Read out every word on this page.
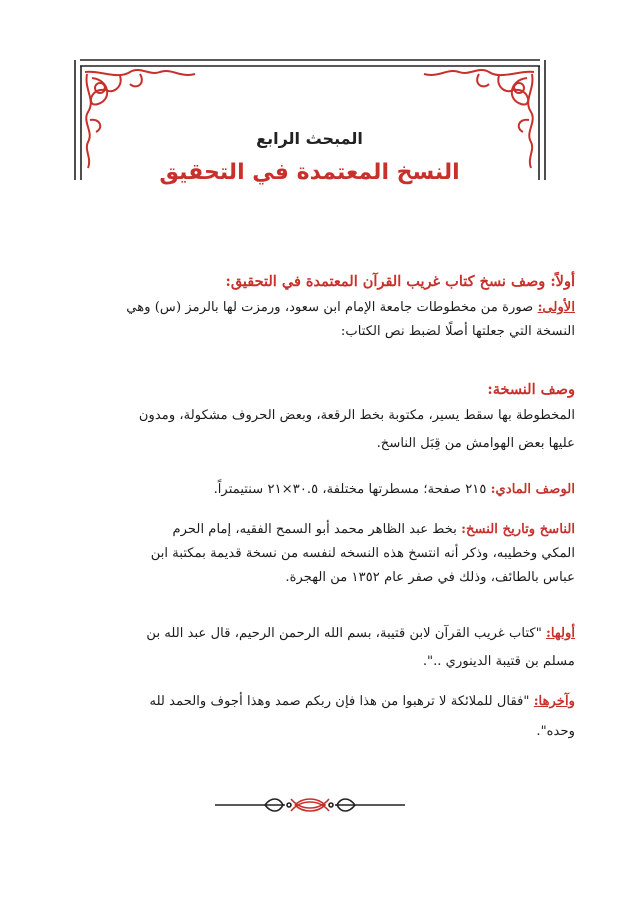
المبحث الرابع
النسخ المعتمدة في التحقيق
أولاً: وصف نسخ كتاب غريب القرآن المعتمدة في التحقيق:
الأولى: صورة من مخطوطات جامعة الإمام ابن سعود، ورمزت لها بالرمز (س) وهي
النسخة التي جعلتها أصلًا لضبط نص الكتاب:
وصف النسخة:
المخطوطة بها سقط يسير، مكتوبة بخط الرقعة، وبعض الحروف مشكولة، ومدون
عليها بعض الهوامش من قِبَل الناسخ.
الوصف المادي: ٢١٥ صفحة؛ مسطرتها مختلفة، ٣٠.٥×٢١ سنتيمتراً.
الناسخ وتاريخ النسخ: بخط عبد الظاهر محمد أبو السمح الفقيه، إمام الحرم
المكي وخطيبه، وذكر أنه انتسخ هذه النسخه لنفسه من نسخة قديمة بمكتبة ابن
عباس بالطائف، وذلك في صفر عام ١٣٥٢ من الهجرة.
أولها: "كتاب غريب القرآن لابن قتيبة، بسم الله الرحمن الرحيم، قال عبد الله بن
مسلم بن قتيبة الدينوري ..".
وآخرها: "فقال للملائكة لا ترهبوا من هذا فإن ربكم صمد وهذا أجوف والحمد لله
وحده".
